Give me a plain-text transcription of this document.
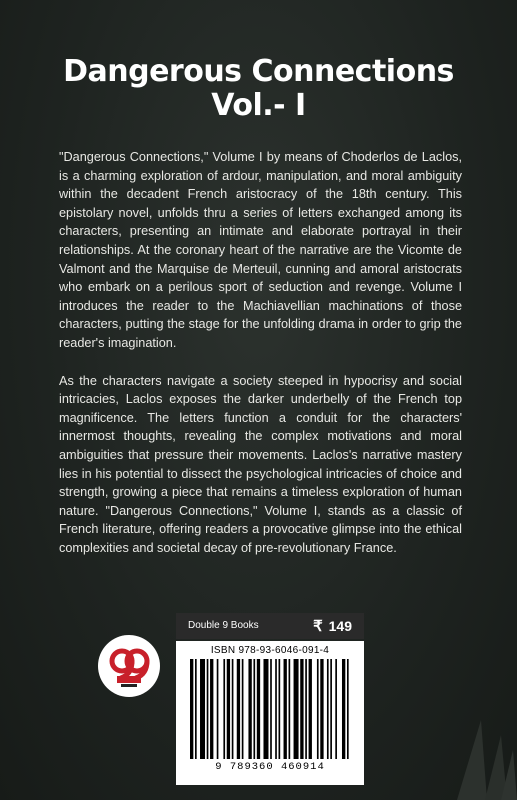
Dangerous Connections
Vol.- I

"Dangerous Connections," Volume I by means of Choderlos de Laclos, is a charming exploration of ardour, manipulation, and moral ambiguity within the decadent French aristocracy of the 18th century. This epistolary novel, unfolds thru a series of letters exchanged among its characters, presenting an intimate and elaborate portrayal in their relationships. At the coronary heart of the narrative are the Vicomte de Valmont and the Marquise de Merteuil, cunning and amoral aristocrats who embark on a perilous sport of seduction and revenge. Volume I introduces the reader to the Machiavellian machinations of those characters, putting the stage for the unfolding drama in order to grip the reader's imagination.

As the characters navigate a society steeped in hypocrisy and social intricacies, Laclos exposes the darker underbelly of the French top magnificence. The letters function a conduit for the characters' innermost thoughts, revealing the complex motivations and moral ambiguities that pressure their movements. Laclos's narrative mastery lies in his potential to dissect the psychological intricacies of choice and strength, growing a piece that remains a timeless exploration of human nature. "Dangerous Connections," Volume I, stands as a classic of French literature, offering readers a provocative glimpse into the ethical complexities and societal decay of pre-revolutionary France.

Double 9 Books	₹ 149
ISBN 978-93-6046-091-4
9 789360 460914
